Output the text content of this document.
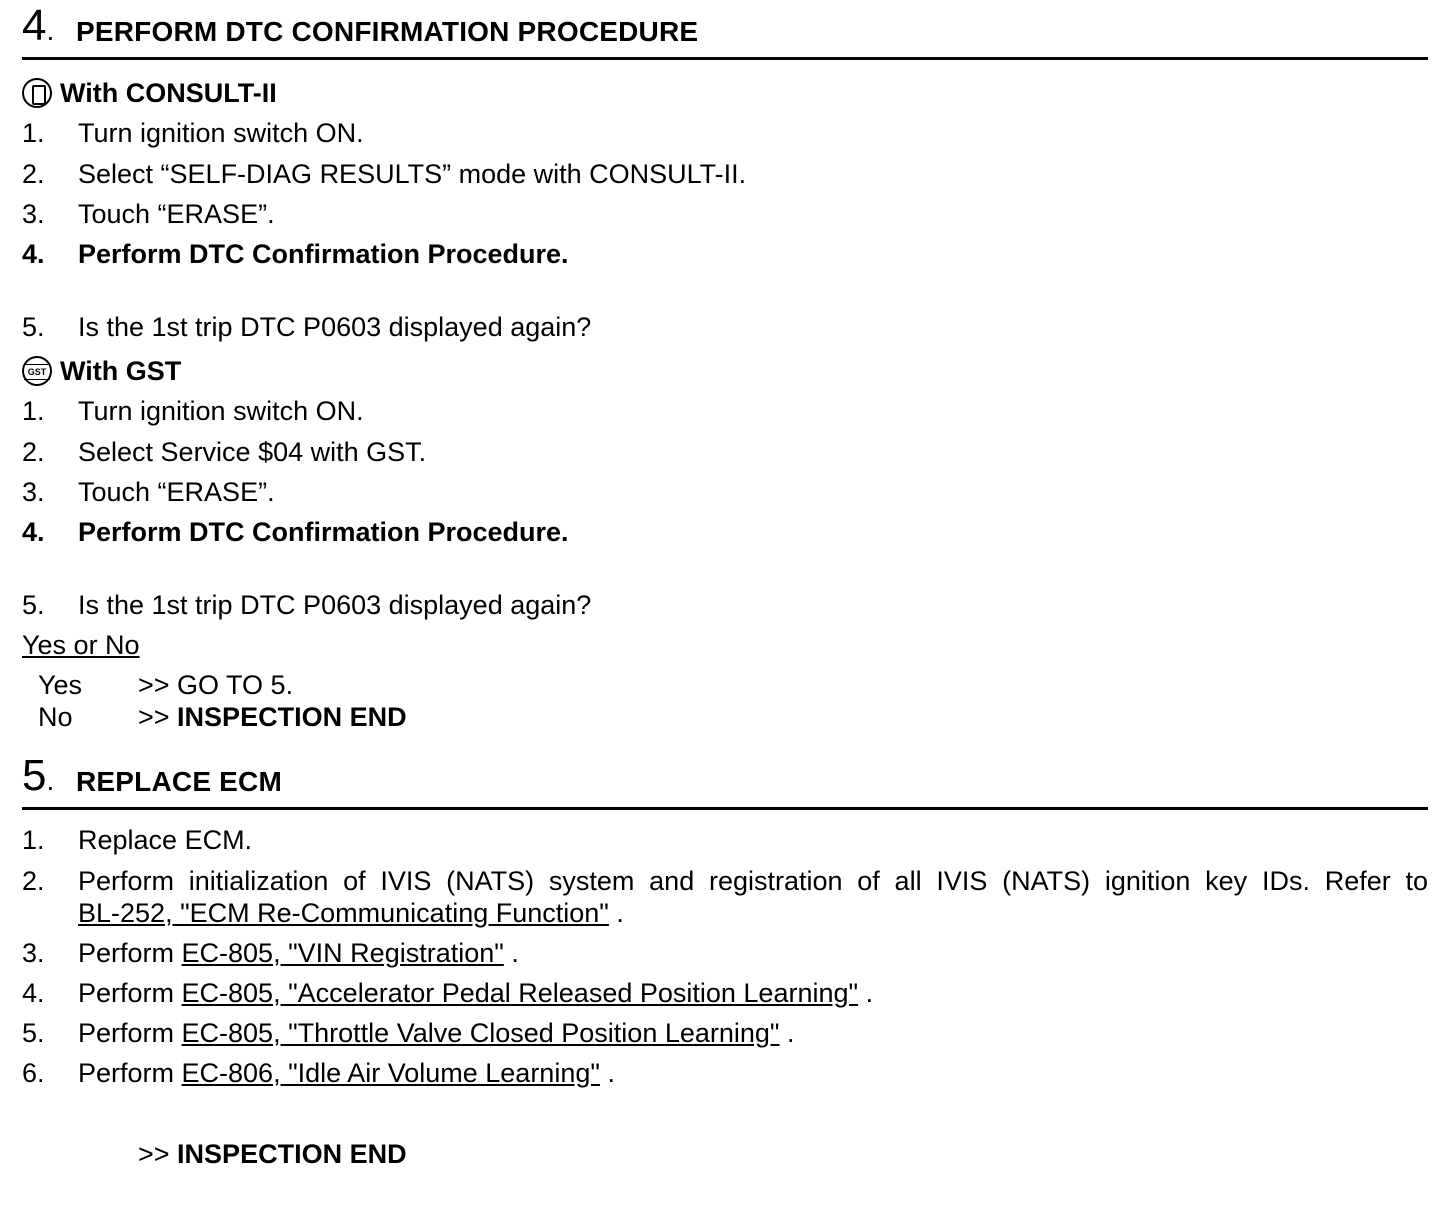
4. PERFORM DTC CONFIRMATION PROCEDURE
With CONSULT-II
1. Turn ignition switch ON.
2. Select “SELF-DIAG RESULTS” mode with CONSULT-II.
3. Touch “ERASE”.
4. Perform DTC Confirmation Procedure.
5. Is the 1st trip DTC P0603 displayed again?
GST With GST
1. Turn ignition switch ON.
2. Select Service $04 with GST.
3. Touch “ERASE”.
4. Perform DTC Confirmation Procedure.
5. Is the 1st trip DTC P0603 displayed again?
Yes or No
Yes >> GO TO 5.
No >> INSPECTION END
5. REPLACE ECM
1. Replace ECM.
2. Perform initialization of IVIS (NATS) system and registration of all IVIS (NATS) ignition key IDs. Refer to
BL-252, "ECM Re-Communicating Function" .
3. Perform EC-805, "VIN Registration" .
4. Perform EC-805, "Accelerator Pedal Released Position Learning" .
5. Perform EC-805, "Throttle Valve Closed Position Learning" .
6. Perform EC-806, "Idle Air Volume Learning" .
>> INSPECTION END
